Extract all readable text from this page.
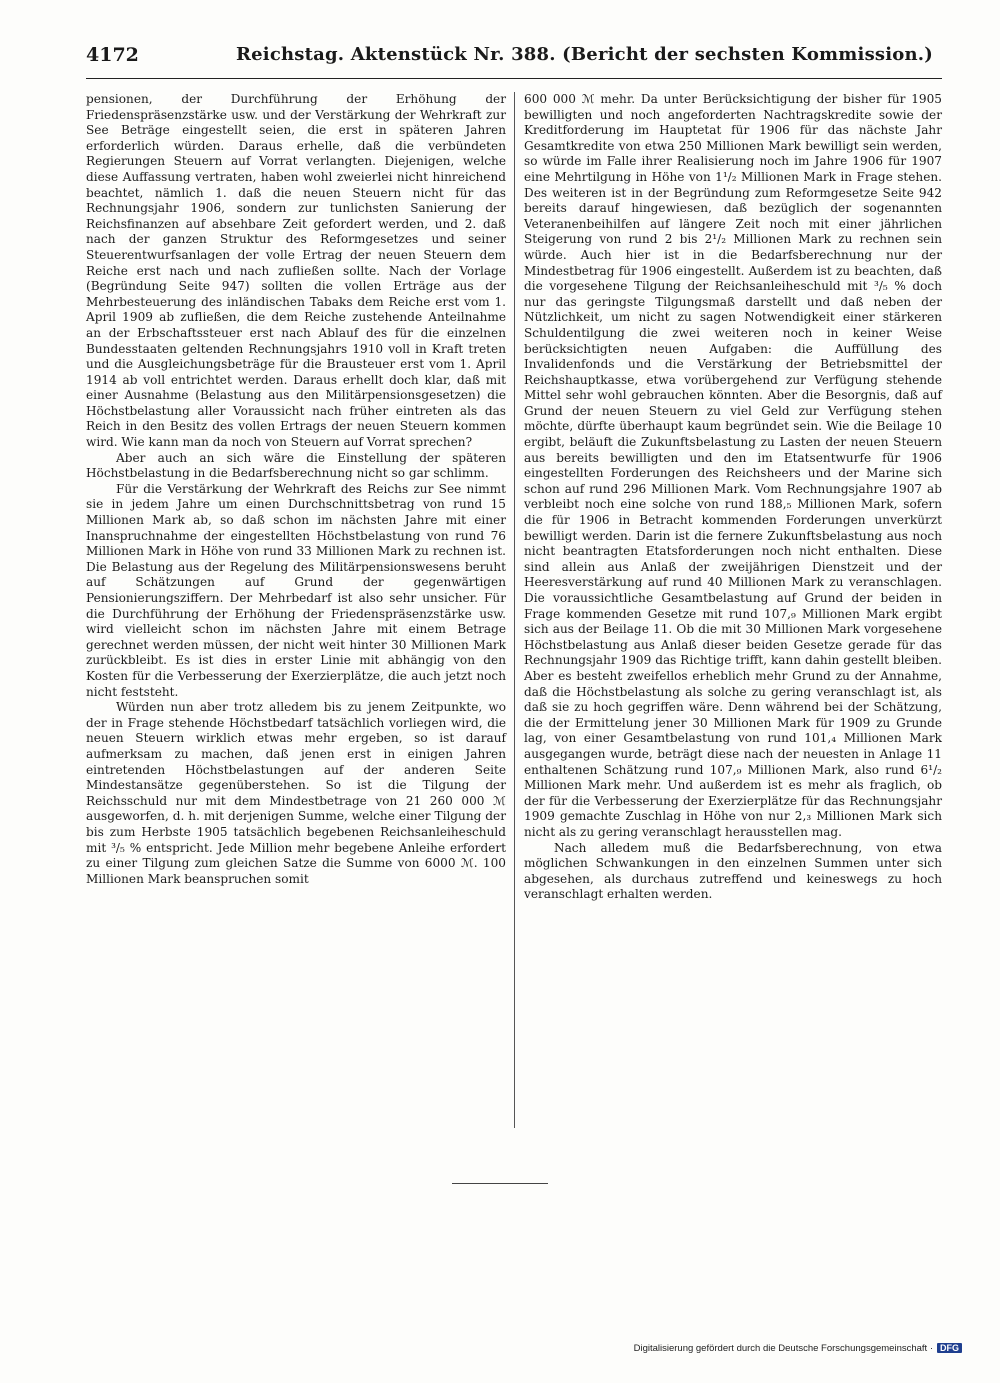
4172	Reichstag. Aktenstück Nr. 388. (Bericht der sechsten Kommission.)

pensionen, der Durchführung der Erhöhung der Friedenspräsenzstärke usw. und der Verstärkung der Wehrkraft zur See Beträge eingestellt seien, die erst in späteren Jahren erforderlich würden. Daraus erhelle, daß die verbündeten Regierungen Steuern auf Vorrat verlangten. Diejenigen, welche diese Auffassung vertraten, haben wohl zweierlei nicht hinreichend beachtet, nämlich 1. daß die neuen Steuern nicht für das Rechnungsjahr 1906, sondern zur tunlichsten Sanierung der Reichsfinanzen auf absehbare Zeit gefordert werden, und 2. daß nach der ganzen Struktur des Reformgesetzes und seiner Steuerentwurfsanlagen der volle Ertrag der neuen Steuern dem Reiche erst nach und nach zufließen sollte. Nach der Vorlage (Begründung Seite 947) sollten die vollen Erträge aus der Mehrbesteuerung des inländischen Tabaks dem Reiche erst vom 1. April 1909 ab zufließen, die dem Reiche zustehende Anteilnahme an der Erbschaftssteuer erst nach Ablauf des für die einzelnen Bundesstaaten geltenden Rechnungsjahrs 1910 voll in Kraft treten und die Ausgleichungsbeträge für die Brausteuer erst vom 1. April 1914 ab voll entrichtet werden. Daraus erhellt doch klar, daß mit einer Ausnahme (Belastung aus den Militärpensionsgesetzen) die Höchstbelastung aller Voraussicht nach früher eintreten als das Reich in den Besitz des vollen Ertrags der neuen Steuern kommen wird. Wie kann man da noch von Steuern auf Vorrat sprechen?

Aber auch an sich wäre die Einstellung der späteren Höchstbelastung in die Bedarfsberechnung nicht so gar schlimm.

Für die Verstärkung der Wehrkraft des Reichs zur See nimmt sie in jedem Jahre um einen Durchschnittsbetrag von rund 15 Millionen Mark ab, so daß schon im nächsten Jahre mit einer Inanspruchnahme der eingestellten Höchstbelastung von rund 76 Millionen Mark in Höhe von rund 33 Millionen Mark zu rechnen ist. Die Belastung aus der Regelung des Militärpensionswesens beruht auf Schätzungen auf Grund der gegenwärtigen Pensionierungsziffern. Der Mehrbedarf ist also sehr unsicher. Für die Durchführung der Erhöhung der Friedenspräsenzstärke usw. wird vielleicht schon im nächsten Jahre mit einem Betrage gerechnet werden müssen, der nicht weit hinter 30 Millionen Mark zurückbleibt. Es ist dies in erster Linie mit abhängig von den Kosten für die Verbesserung der Exerzierplätze, die auch jetzt noch nicht feststeht.

Würden nun aber trotz alledem bis zu jenem Zeitpunkte, wo der in Frage stehende Höchstbedarf tatsächlich vorliegen wird, die neuen Steuern wirklich etwas mehr ergeben, so ist darauf aufmerksam zu machen, daß jenen erst in einigen Jahren eintretenden Höchstbelastungen auf der anderen Seite Mindestansätze gegenüberstehen. So ist die Tilgung der Reichsschuld nur mit dem Mindestbetrage von 21 260 000 ℳ ausgeworfen, d. h. mit derjenigen Summe, welche einer Tilgung der bis zum Herbste 1905 tatsächlich begebenen Reichsanleiheschuld mit ³/₅ % entspricht. Jede Million mehr begebene Anleihe erfordert zu einer Tilgung zum gleichen Satze die Summe von 6000 ℳ. 100 Millionen Mark beanspruchen somit

600 000 ℳ mehr. Da unter Berücksichtigung der bisher für 1905 bewilligten und noch angeforderten Nachtragskredite sowie der Kreditforderung im Hauptetat für 1906 für das nächste Jahr Gesamtkredite von etwa 250 Millionen Mark bewilligt sein werden, so würde im Falle ihrer Realisierung noch im Jahre 1906 für 1907 eine Mehrtilgung in Höhe von 1¹/₂ Millionen Mark in Frage stehen. Des weiteren ist in der Begründung zum Reformgesetze Seite 942 bereits darauf hingewiesen, daß bezüglich der sogenannten Veteranenbeihilfen auf längere Zeit noch mit einer jährlichen Steigerung von rund 2 bis 2¹/₂ Millionen Mark zu rechnen sein würde. Auch hier ist in die Bedarfsberechnung nur der Mindestbetrag für 1906 eingestellt. Außerdem ist zu beachten, daß die vorgesehene Tilgung der Reichsanleiheschuld mit ³/₅ % doch nur das geringste Tilgungsmaß darstellt und daß neben der Nützlichkeit, um nicht zu sagen Notwendigkeit einer stärkeren Schuldentilgung die zwei weiteren noch in keiner Weise berücksichtigten neuen Aufgaben: die Auffüllung des Invalidenfonds und die Verstärkung der Betriebsmittel der Reichshauptkasse, etwa vorübergehend zur Verfügung stehende Mittel sehr wohl gebrauchen könnten. Aber die Besorgnis, daß auf Grund der neuen Steuern zu viel Geld zur Verfügung stehen möchte, dürfte überhaupt kaum begründet sein. Wie die Beilage 10 ergibt, beläuft die Zukunftsbelastung zu Lasten der neuen Steuern aus bereits bewilligten und den im Etatsentwurfe für 1906 eingestellten Forderungen des Reichsheers und der Marine sich schon auf rund 296 Millionen Mark. Vom Rechnungsjahre 1907 ab verbleibt noch eine solche von rund 188,₅ Millionen Mark, sofern die für 1906 in Betracht kommenden Forderungen unverkürzt bewilligt werden. Darin ist die fernere Zukunftsbelastung aus noch nicht beantragten Etatsforderungen noch nicht enthalten. Diese sind allein aus Anlaß der zweijährigen Dienstzeit und der Heeresverstärkung auf rund 40 Millionen Mark zu veranschlagen. Die voraussichtliche Gesamtbelastung auf Grund der beiden in Frage kommenden Gesetze mit rund 107,₉ Millionen Mark ergibt sich aus der Beilage 11. Ob die mit 30 Millionen Mark vorgesehene Höchstbelastung aus Anlaß dieser beiden Gesetze gerade für das Rechnungsjahr 1909 das Richtige trifft, kann dahin gestellt bleiben. Aber es besteht zweifellos erheblich mehr Grund zu der Annahme, daß die Höchstbelastung als solche zu gering veranschlagt ist, als daß sie zu hoch gegriffen wäre. Denn während bei der Schätzung, die der Ermittelung jener 30 Millionen Mark für 1909 zu Grunde lag, von einer Gesamtbelastung von rund 101,₄ Millionen Mark ausgegangen wurde, beträgt diese nach der neuesten in Anlage 11 enthaltenen Schätzung rund 107,₉ Millionen Mark, also rund 6¹/₂ Millionen Mark mehr. Und außerdem ist es mehr als fraglich, ob der für die Verbesserung der Exerzierplätze für das Rechnungsjahr 1909 gemachte Zuschlag in Höhe von nur 2,₃ Millionen Mark sich nicht als zu gering veranschlagt herausstellen mag.

Nach alledem muß die Bedarfsberechnung, von etwa möglichen Schwankungen in den einzelnen Summen unter sich abgesehen, als durchaus zutreffend und keineswegs zu hoch veranschlagt erhalten werden.

Digitalisierung gefördert durch die Deutsche Forschungsgemeinschaft · DFG
